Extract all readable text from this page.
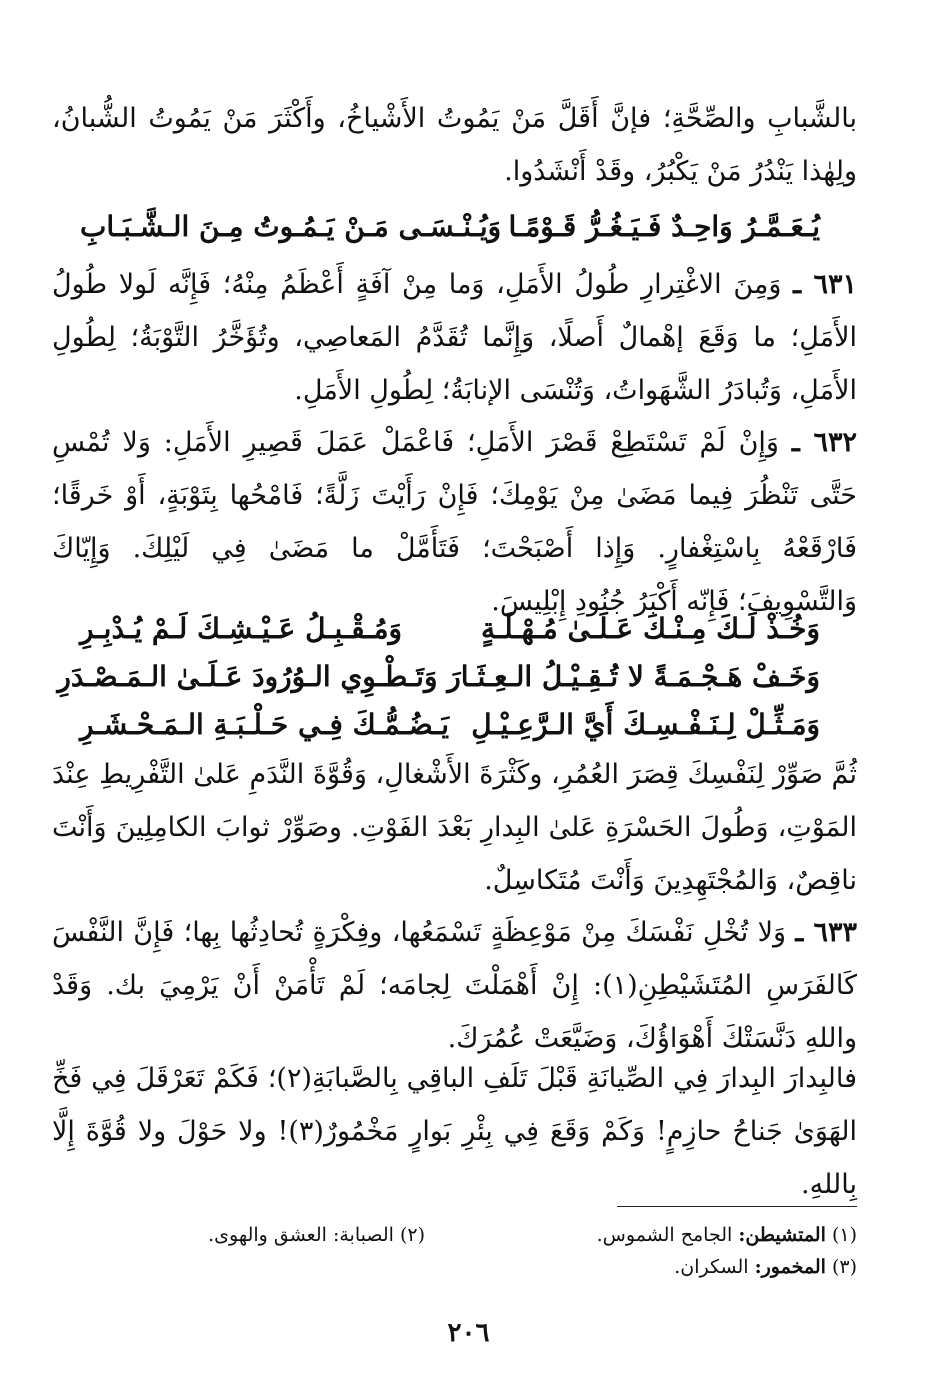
بالشَّبابِ والصِّحَّةِ؛ فإنَّ أَقَلَّ مَنْ يَمُوتُ الأَشْياخُ، وأَكْثَرَ مَنْ يَمُوتُ الشُّبانُ، ولِهٰذا يَنْدُرُ مَنْ يَكْبُرُ، وقَدْ أَنْشَدُوا.

يُـعَـمَّـرُ وَاحِـدٌ فَـيَـغُـرُّ قَـوْمًـا
وَيُـنْـسَـى مَـنْ يَـمُـوتُ مِـنَ الـشَّـبَـابِ

٦٣١ ـ وَمِنَ الاغْتِرارِ طُولُ الأَمَلِ، وَما مِنْ آفَةٍ أَعْظَمُ مِنْهُ؛ فَإِنَّه لَولا طُولُ الأَمَلِ؛ ما وَقَعَ إهْمالٌ أَصلًا، وَإِنَّما تُقَدَّمُ المَعاصِي، وتُؤَخَّرُ التَّوْبَةُ؛ لِطُولِ الأَمَلِ، وَتُبادَرُ الشَّهَواتُ، وَتُنْسَى الإنابَةُ؛ لِطُولِ الأَمَلِ.

٦٣٢ ـ وَإِنْ لَمْ تَسْتَطِعْ قَصْرَ الأَمَلِ؛ فَاعْمَلْ عَمَلَ قَصِيرِ الأَمَلِ: وَلا تُمْسِ حَتَّى تَنْظُرَ فِيما مَضَىٰ مِنْ يَوْمِكَ؛ فَإِنْ رَأَيْتَ زَلَّةً؛ فَامْحُها بِتَوْبَةٍ، أَوْ خَرقًا؛ فَارْقَعْهُ بِاسْتِغْفارٍ. وَإِذا أَصْبَحْتَ؛ فَتَأَمَّلْ ما مَضَىٰ فِي لَيْلِكَ. وَإِيّاكَ وَالتَّسْوِيفَ؛ فَإِنّه أَكْبَرُ جُنُودِ إِبْلِيسَ.

وَخُـذْ لَـكَ مِـنْـكَ عَـلَـىٰ مُـهْـلَـةٍ
وَمُـقْـبِـلُ عَـيْـشِـكَ لَـمْ يُـدْبِـرِ
وَخَـفْ هَـجْـمَـةً لا تُـقِـيْـلُ الـعِـثَـا
رَ وَتَـطْـوِي الـوُرُودَ عَـلَـىٰ الـمَـصْـدَرِ
وَمَـثِّـلْ لِـنَـفْـسِـكَ أَيَّ الـرَّعِـيْـلِ
يَـضُـمُّـكَ فِـي حَـلْـبَـةِ الـمَـحْـشَـرِ

ثُمَّ صَوِّرْ لِنَفْسِكَ قِصَرَ العُمُرِ، وكَثْرَةَ الأَشْغالِ، وَقُوَّةَ النَّدَمِ عَلىٰ التَّفْرِيطِ عِنْدَ المَوْتِ، وَطُولَ الحَسْرَةِ عَلىٰ البِدارِ بَعْدَ الفَوْتِ. وصَوِّرْ ثوابَ الكامِلِينَ وَأَنْتَ ناقِصٌ، وَالمُجْتَهِدِينَ وَأَنْتَ مُتَكاسِلٌ.

٦٣٣ ـ وَلا تُخْلِ نَفْسَكَ مِنْ مَوْعِظَةٍ تَسْمَعُها، وفِكْرَةٍ تُحادِثُها بِها؛ فَإِنَّ النَّفْسَ كَالفَرَسِ المُتَشَيْطِنِ(١): إِنْ أَهْمَلْتَ لِجامَه؛ لَمْ تَأْمَنْ أَنْ يَرْمِيَ بك. وَقَدْ واللهِ دَنَّسَتْكَ أَهْوَاؤُكَ، وَضَيَّعَتْ عُمُرَكَ.

فالبِدارَ البِدارَ فِي الصِّيانَةِ قَبْلَ تَلَفِ الباقِي بِالصَّبابَةِ(٢)؛ فَكَمْ تَعَرْقَلَ فِي فَخِّ الهَوَىٰ جَناحُ حازِمٍ! وَكَمْ وَقَعَ فِي بِئْرِ بَوارٍ مَخْمُورٌ(٣)! ولا حَوْلَ ولا قُوَّةَ إِلَّا بِاللهِ.

(١) المتشيطن: الجامح الشموس.
(٢) الصبابة: العشق والهوى.
(٣) المخمور: السكران.
٢٠٦
